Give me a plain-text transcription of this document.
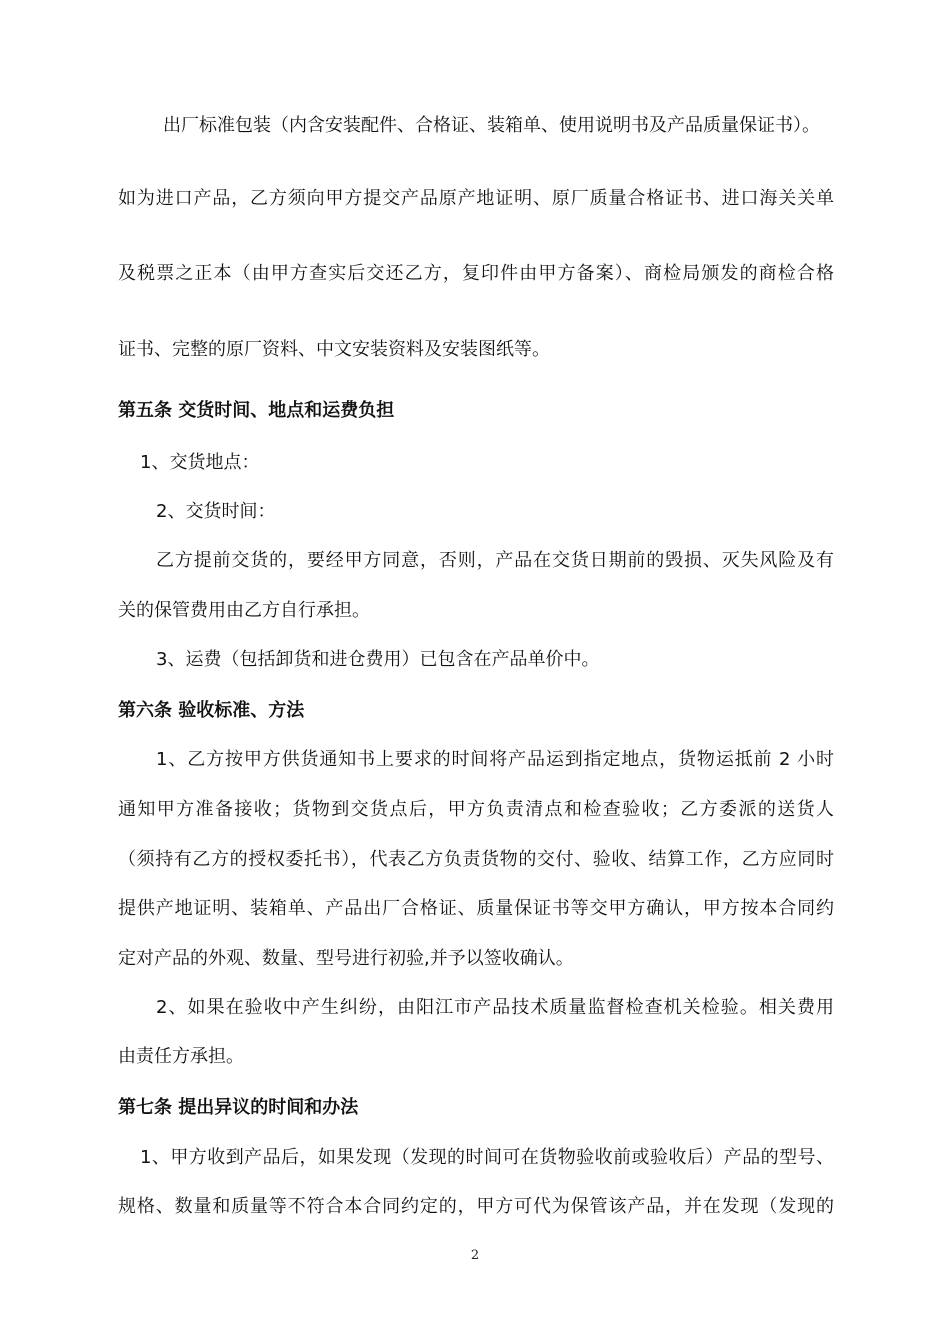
出厂标准包装（内含安装配件、合格证、装箱单、使用说明书及产品质量保证书）。
如为进口产品，乙方须向甲方提交产品原产地证明、原厂质量合格证书、进口海关关单
及税票之正本（由甲方查实后交还乙方，复印件由甲方备案）、商检局颁发的商检合格
证书、完整的原厂资料、中文安装资料及安装图纸等。
第五条 交货时间、地点和运费负担
1、交货地点：
2、交货时间：
乙方提前交货的，要经甲方同意，否则，产品在交货日期前的毁损、灭失风险及有
关的保管费用由乙方自行承担。
3、运费（包括卸货和进仓费用）已包含在产品单价中。
第六条 验收标准、方法
1、乙方按甲方供货通知书上要求的时间将产品运到指定地点，货物运抵前 2 小时
通知甲方准备接收；货物到交货点后，甲方负责清点和检查验收；乙方委派的送货人
（须持有乙方的授权委托书），代表乙方负责货物的交付、验收、结算工作，乙方应同时
提供产地证明、装箱单、产品出厂合格证、质量保证书等交甲方确认，甲方按本合同约
定对产品的外观、数量、型号进行初验,并予以签收确认。
2、如果在验收中产生纠纷，由阳江市产品技术质量监督检查机关检验。相关费用
由责任方承担。
第七条 提出异议的时间和办法
1、甲方收到产品后，如果发现（发现的时间可在货物验收前或验收后）产品的型号、
规格、数量和质量等不符合本合同约定的，甲方可代为保管该产品，并在发现（发现的
2
